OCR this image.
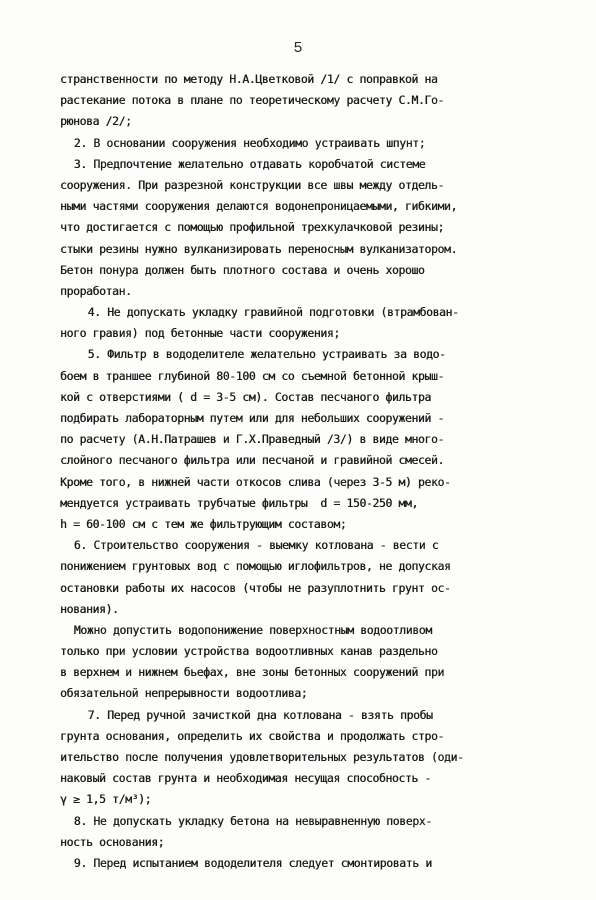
5
странственности по методу Н.А.Цветковой /1/ с поправкой на
растекание потока в плане по теоретическому расчету С.М.Го-
рюнова /2/;
2. В основании сооружения необходимо устраивать шпунт;
3. Предпочтение желательно отдавать коробчатой системе
сооружения. При разрезной конструкции все швы между отдель-
ными частями сооружения делаются водонепроницаемыми, гибкими,
что достигается с помощью профильной трехкулачковой резины;
стыки резины нужно вулканизировать переносным вулканизатором.
Бетон понура должен быть плотного состава и очень хорошо
проработан.
4. Не допускать укладку гравийной подготовки (втрамбован-
ного гравия) под бетонные части сооружения;
5. Фильтр в вододелителе желательно устраивать за водо-
боем в траншее глубиной 80-100 см со съемной бетонной крыш-
кой с отверстиями ( d = 3-5 см). Состав песчаного фильтра
подбирать лабораторным путем или для небольших сооружений -
по расчету (А.Н.Патрашев и Г.Х.Праведный /3/) в виде много-
слойного песчаного фильтра или песчаной и гравийной смесей.
Кроме того, в нижней части откосов слива (через 3-5 м) реко-
мендуется устраивать трубчатые фильтры  d = 150-250 мм,
h = 60-100 см с тем же фильтрующим составом;
6. Строительство сооружения - выемку котлована - вести с
понижением грунтовых вод с помощью иглофильтров, не допуская
остановки работы их насосов (чтобы не разуплотнить грунт ос-
нования).
Можно допустить водопонижение поверхностным водоотливом
только при условии устройства водоотливных канав раздельно
в верхнем и нижнем бьефах, вне зоны бетонных сооружений при
обязательной непрерывности водоотлива;
7. Перед ручной зачисткой дна котлована - взять пробы
грунта основания, определить их свойства и продолжать стро-
ительство после получения удовлетворительных результатов (оди-
наковый состав грунта и необходимая несущая способность -
γ ≥ 1,5 т/м³);
8. Не допускать укладку бетона на невыравненную поверх-
ность основания;
9. Перед испытанием вододелителя следует смонтировать и
